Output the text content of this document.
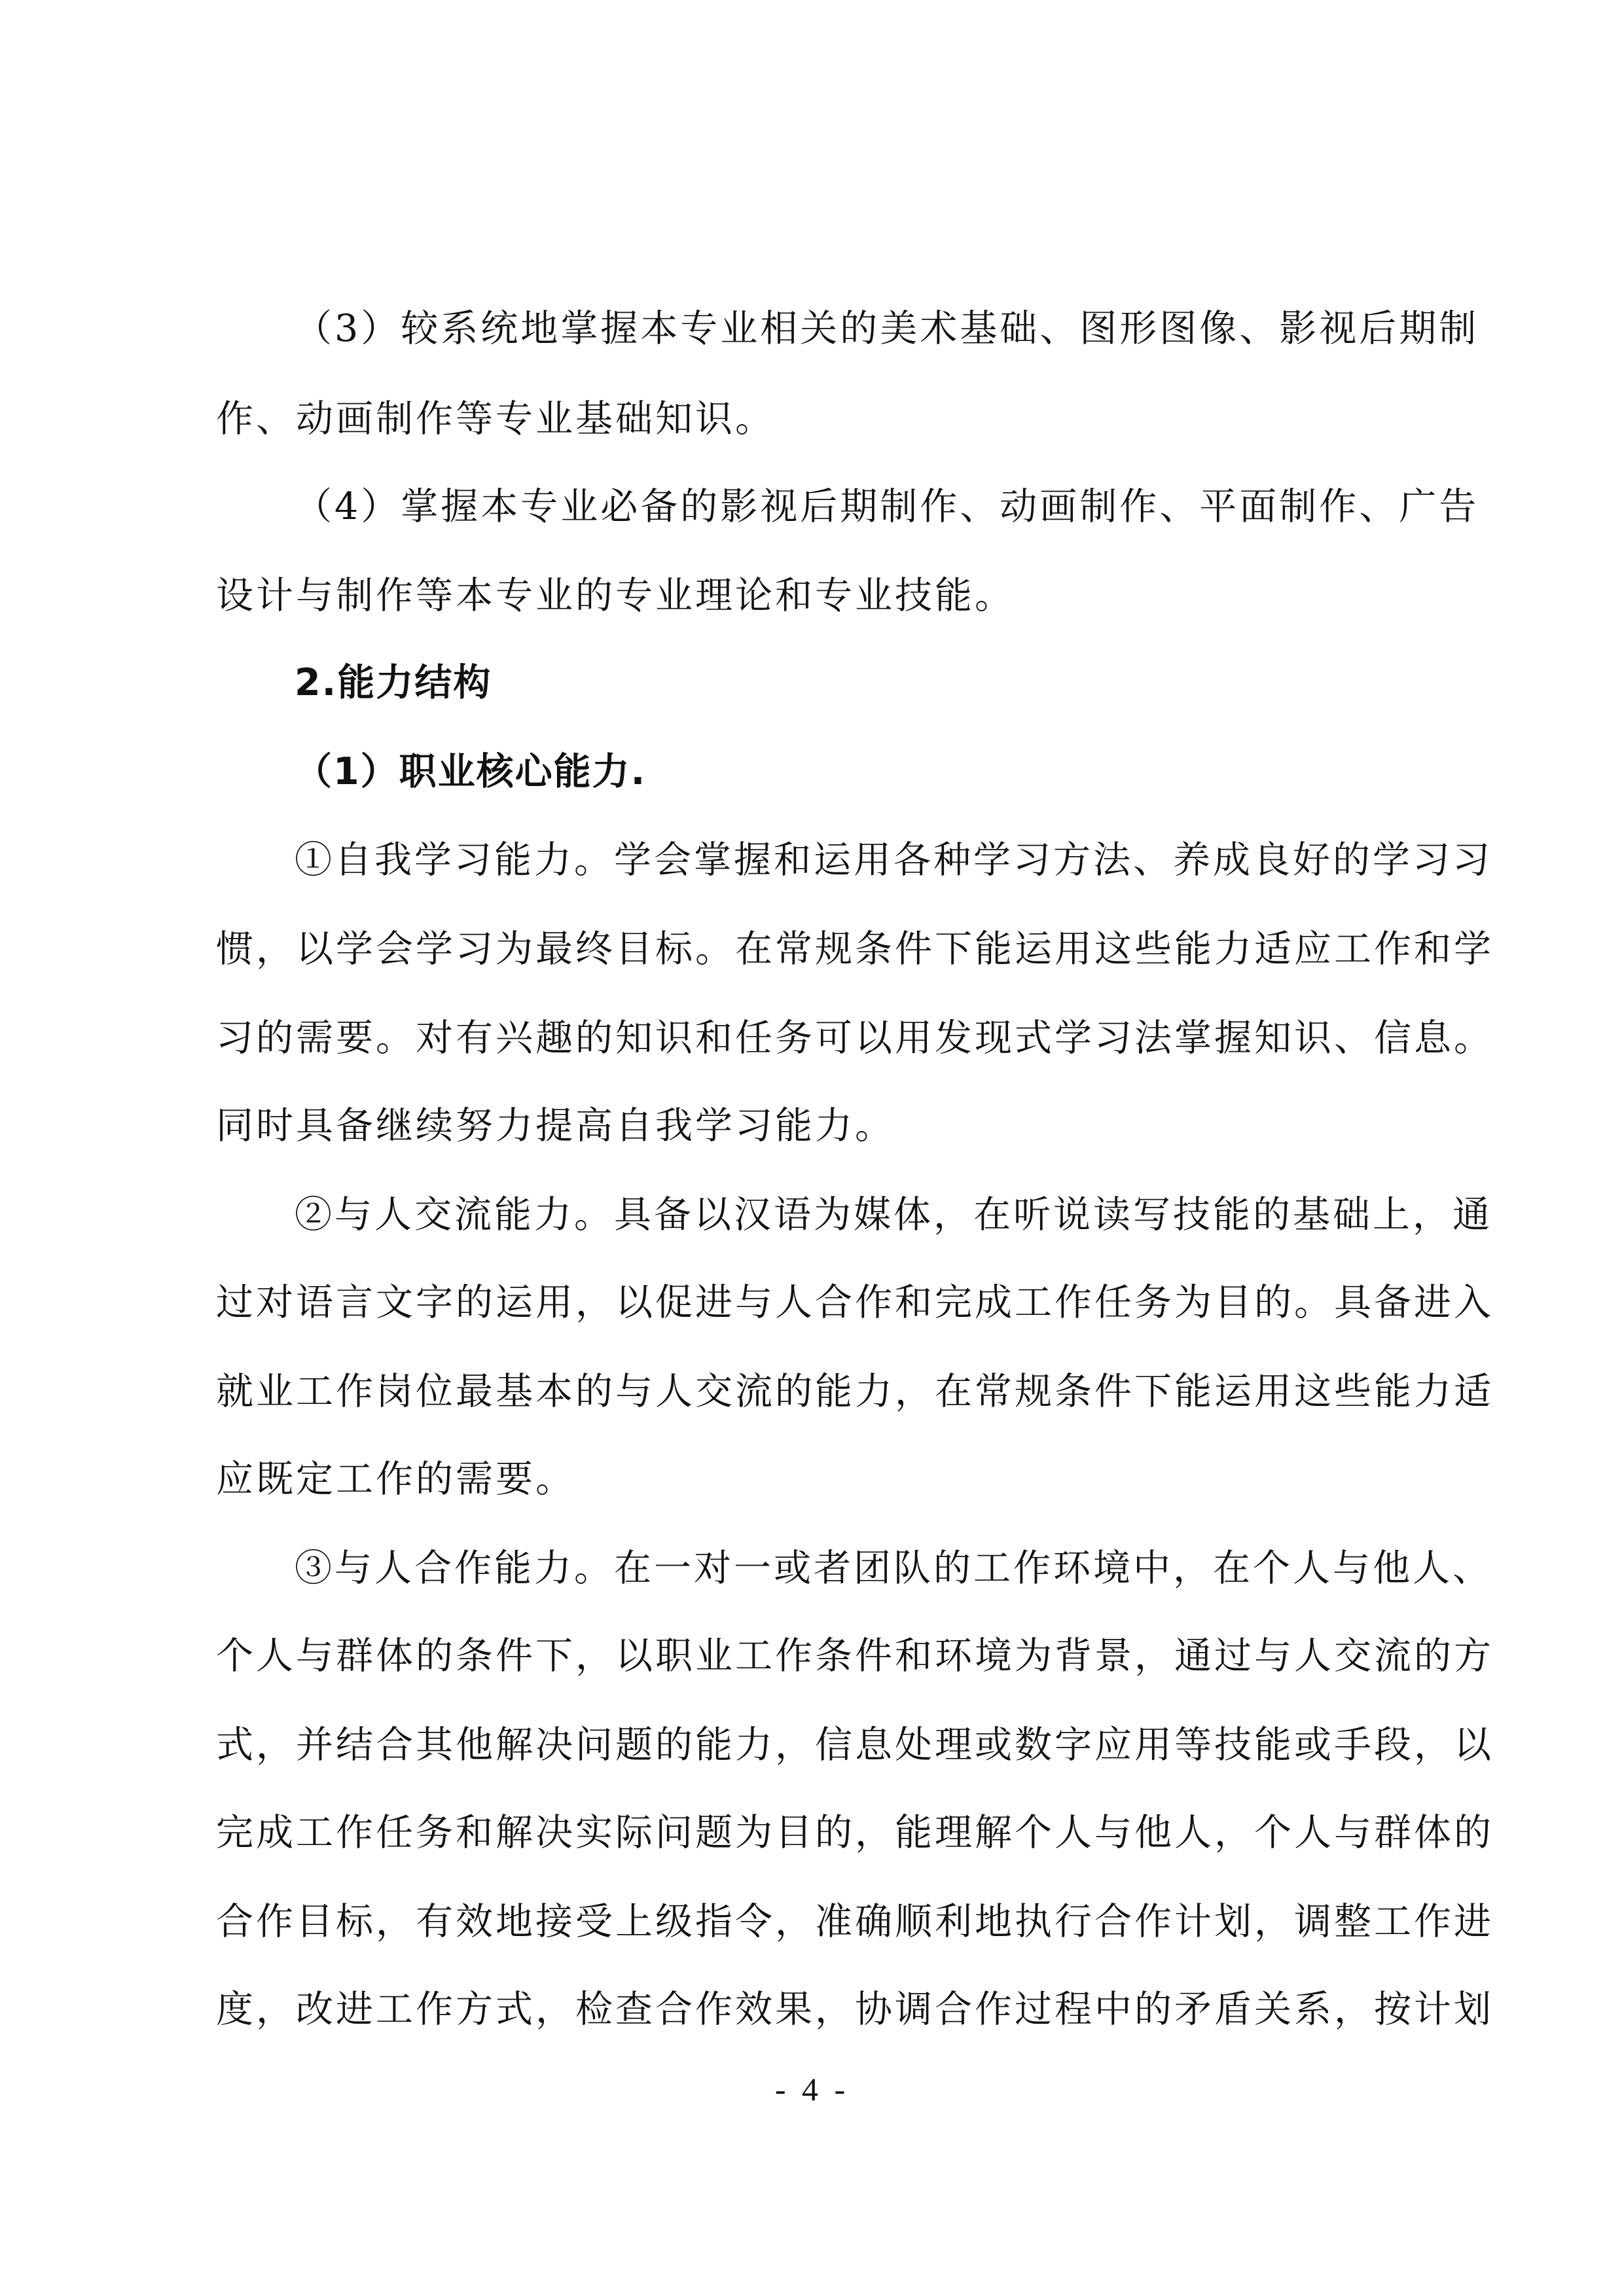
（3）较系统地掌握本专业相关的美术基础、图形图像、影视后期制
作、动画制作等专业基础知识。
（4）掌握本专业必备的影视后期制作、动画制作、平面制作、广告
设计与制作等本专业的专业理论和专业技能。
2.能力结构
（1）职业核心能力.
①自我学习能力。学会掌握和运用各种学习方法、养成良好的学习习
惯，以学会学习为最终目标。在常规条件下能运用这些能力适应工作和学
习的需要。对有兴趣的知识和任务可以用发现式学习法掌握知识、信息。
同时具备继续努力提高自我学习能力。
②与人交流能力。具备以汉语为媒体，在听说读写技能的基础上，通
过对语言文字的运用，以促进与人合作和完成工作任务为目的。具备进入
就业工作岗位最基本的与人交流的能力，在常规条件下能运用这些能力适
应既定工作的需要。
③与人合作能力。在一对一或者团队的工作环境中，在个人与他人、
个人与群体的条件下，以职业工作条件和环境为背景，通过与人交流的方
式，并结合其他解决问题的能力，信息处理或数字应用等技能或手段，以
完成工作任务和解决实际问题为目的，能理解个人与他人，个人与群体的
合作目标，有效地接受上级指令，准确顺利地执行合作计划，调整工作进
度，改进工作方式，检查合作效果，协调合作过程中的矛盾关系，按计划
- 4 -
